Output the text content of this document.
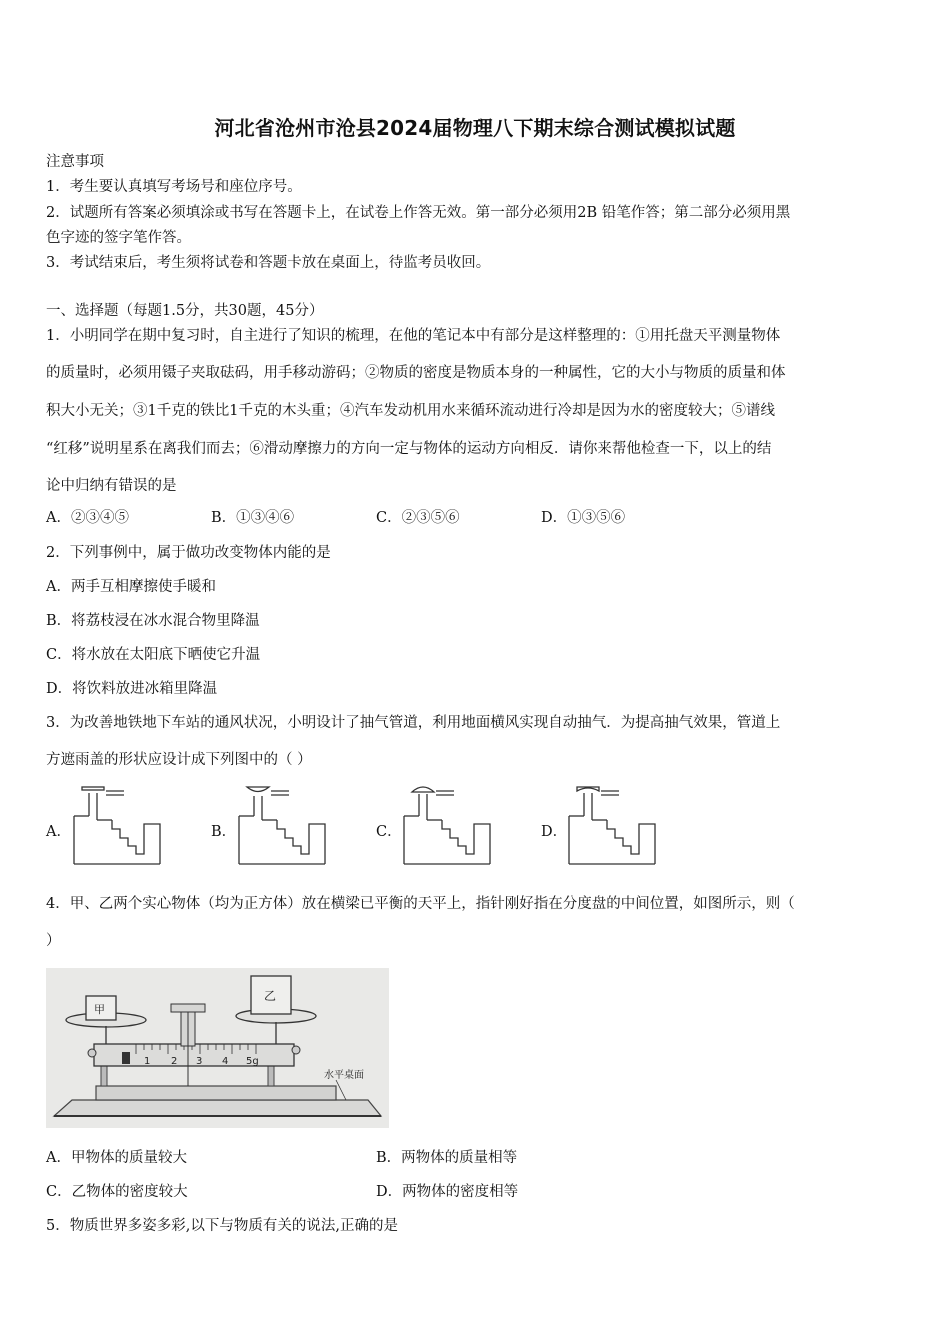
河北省沧州市沧县2024届物理八下期末综合测试模拟试题
注意事项
1．考生要认真填写考场号和座位序号。
2．试题所有答案必须填涂或书写在答题卡上，在试卷上作答无效。第一部分必须用2B 铅笔作答；第二部分必须用黑
色字迹的签字笔作答。
3．考试结束后，考生须将试卷和答题卡放在桌面上，待监考员收回。
一、选择题（每题1.5分，共30题，45分）
1．小明同学在期中复习时，自主进行了知识的梳理，在他的笔记本中有部分是这样整理的：①用托盘天平测量物体
的质量时，必须用镊子夹取砝码，用手移动游码；②物质的密度是物质本身的一种属性，它的大小与物质的质量和体
积大小无关；③1千克的铁比1千克的木头重；④汽车发动机用水来循环流动进行冷却是因为水的密度较大；⑤谱线
“红移”说明星系在离我们而去；⑥滑动摩擦力的方向一定与物体的运动方向相反．请你来帮他检查一下，以上的结
论中归纳有错误的是
A．②③④⑤	B．①③④⑥	C．②③⑤⑥	D．①③⑤⑥
2．下列事例中，属于做功改变物体内能的是
A．两手互相摩擦使手暖和
B．将荔枝浸在冰水混合物里降温
C．将水放在太阳底下晒使它升温
D．将饮料放进冰箱里降温
3．为改善地铁地下车站的通风状况，小明设计了抽气管道，利用地面横风实现自动抽气．为提高抽气效果，管道上
方遮雨盖的形状应设计成下列图中的（ ）
A．	B．	C．	D．
4．甲、乙两个实心物体（均为正方体）放在横梁已平衡的天平上，指针刚好指在分度盘的中间位置，如图所示，则（
）
1 2 3 4 5g
甲
乙
水平桌面
A．甲物体的质量较大	B．两物体的质量相等
C．乙物体的密度较大	D．两物体的密度相等
5．物质世界多姿多彩,以下与物质有关的说法,正确的是
